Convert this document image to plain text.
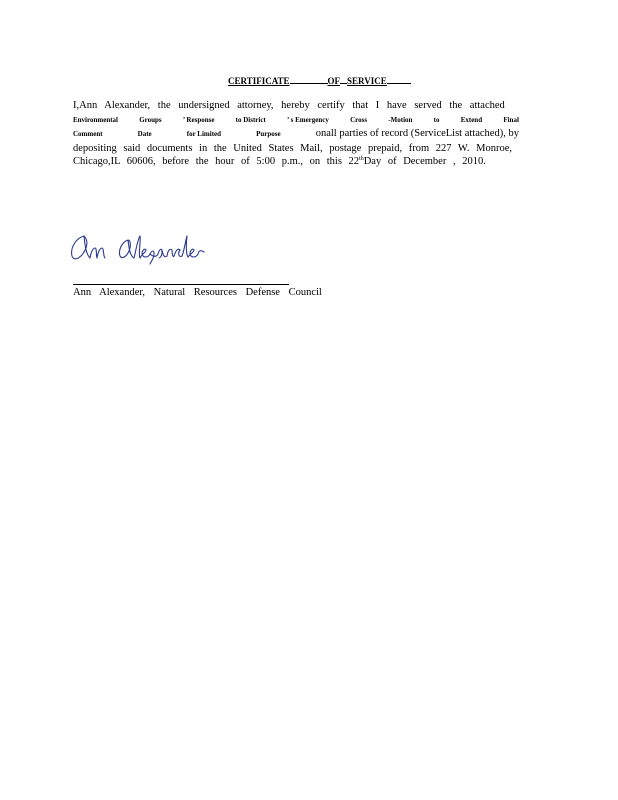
CERTIFICATE	OF SERVICE
I,Ann Alexander, the undersigned attorney, hereby certify that I have served the attached
Environmental	Groups	’ Response	to District	’ s Emergency	Cross	-Motion	to	Extend	Final
Comment	Date	for Limited	Purpose	onall parties of record (ServiceList attached), by
depositing said documents in the United States Mail, postage prepaid, from 227 W. Monroe,
Chicago,IL 60606, before the hour of 5:00 p.m., on this 22thDay of December , 2010.
Ann Alexander, Natural Resources Defense Council
